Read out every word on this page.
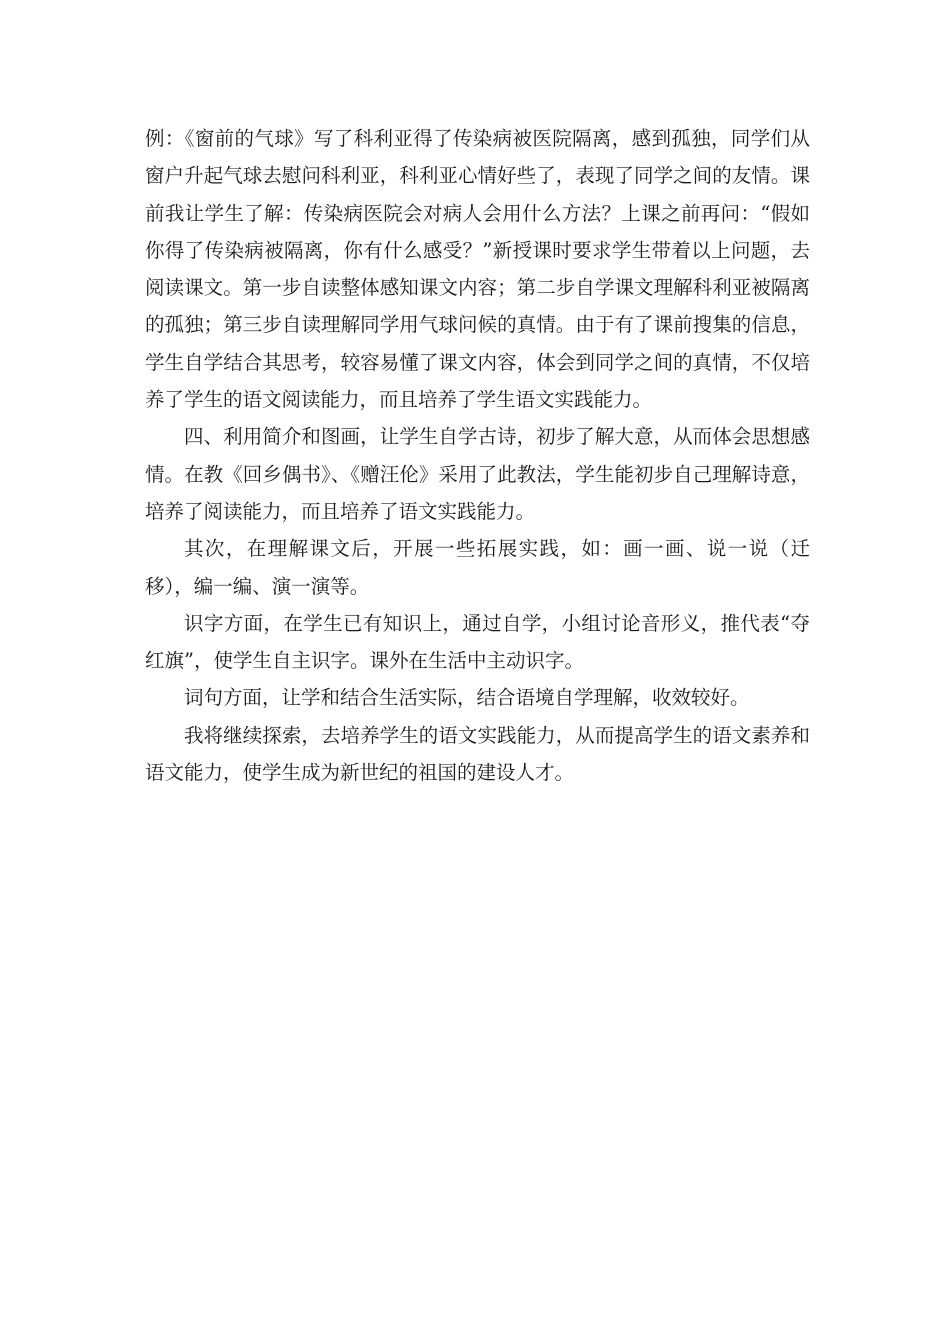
例：《窗前的气球》写了科利亚得了传染病被医院隔离，感到孤独，同学们从窗户升起气球去慰问科利亚，科利亚心情好些了，表现了同学之间的友情。课前我让学生了解：传染病医院会对病人会用什么方法？上课之前再问：“假如你得了传染病被隔离，你有什么感受？”新授课时要求学生带着以上问题，去阅读课文。第一步自读整体感知课文内容；第二步自学课文理解科利亚被隔离的孤独；第三步自读理解同学用气球问候的真情。由于有了课前搜集的信息，学生自学结合其思考，较容易懂了课文内容，体会到同学之间的真情，不仅培养了学生的语文阅读能力，而且培养了学生语文实践能力。

四、利用简介和图画，让学生自学古诗，初步了解大意，从而体会思想感情。在教《回乡偶书》、《赠汪伦》采用了此教法，学生能初步自己理解诗意，培养了阅读能力，而且培养了语文实践能力。

其次，在理解课文后，开展一些拓展实践，如：画一画、说一说（迁移），编一编、演一演等。

识字方面，在学生已有知识上，通过自学，小组讨论音形义，推代表“夺红旗”，使学生自主识字。课外在生活中主动识字。

词句方面，让学和结合生活实际，结合语境自学理解，收效较好。

我将继续探索，去培养学生的语文实践能力，从而提高学生的语文素养和语文能力，使学生成为新世纪的祖国的建设人才。
